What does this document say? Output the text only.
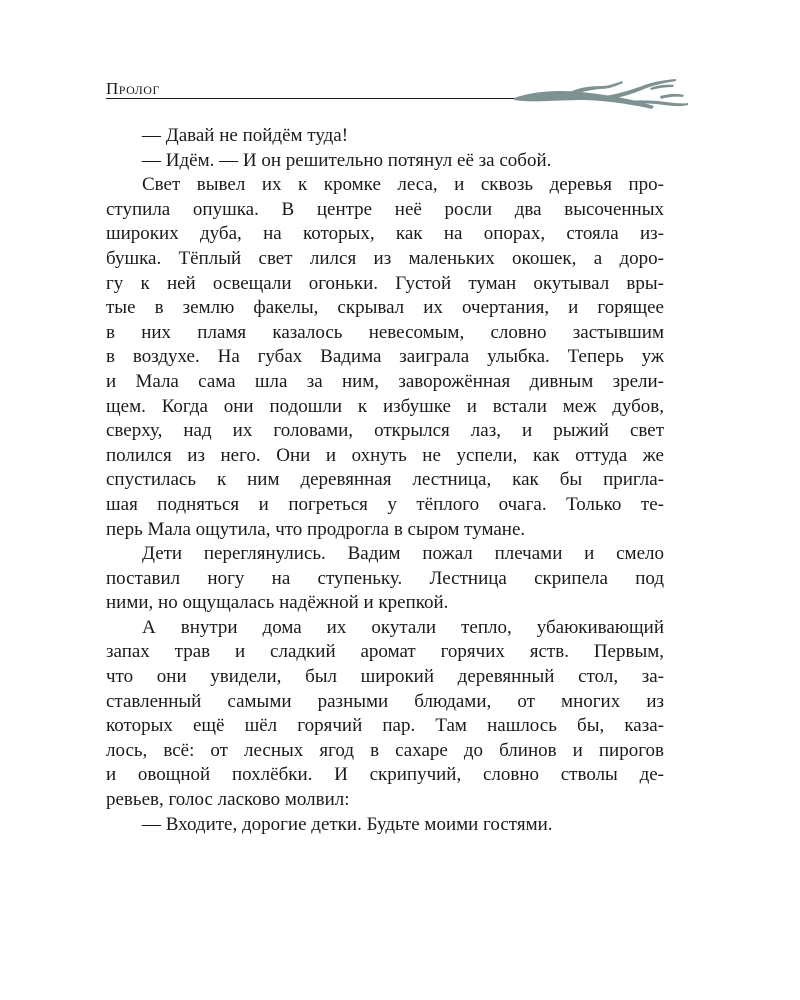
Пролог
— Давай не пойдём туда!
— Идём. — И он решительно потянул её за собой.
Свет вывел их к кромке леса, и сквозь деревья про-
ступила опушка. В центре неё росли два высоченных
широких дуба, на которых, как на опорах, стояла из-
бушка. Тёплый свет лился из маленьких окошек, а доро-
гу к ней освещали огоньки. Густой туман окутывал вры-
тые в землю факелы, скрывал их очертания, и горящее
в них пламя казалось невесомым, словно застывшим
в воздухе. На губах Вадима заиграла улыбка. Теперь уж
и Мала сама шла за ним, заворожённая дивным зрели-
щем. Когда они подошли к избушке и встали меж дубов,
сверху, над их головами, открылся лаз, и рыжий свет
полился из него. Они и охнуть не успели, как оттуда же
спустилась к ним деревянная лестница, как бы пригла-
шая подняться и погреться у тёплого очага. Только те-
перь Мала ощутила, что продрогла в сыром тумане.
Дети переглянулись. Вадим пожал плечами и смело
поставил ногу на ступеньку. Лестница скрипела под
ними, но ощущалась надёжной и крепкой.
А внутри дома их окутали тепло, убаюкивающий
запах трав и сладкий аромат горячих яств. Первым,
что они увидели, был широкий деревянный стол, за-
ставленный самыми разными блюдами, от многих из
которых ещё шёл горячий пар. Там нашлось бы, каза-
лось, всё: от лесных ягод в сахаре до блинов и пирогов
и овощной похлёбки. И скрипучий, словно стволы де-
ревьев, голос ласково молвил:
— Входите, дорогие детки. Будьте моими гостями.
